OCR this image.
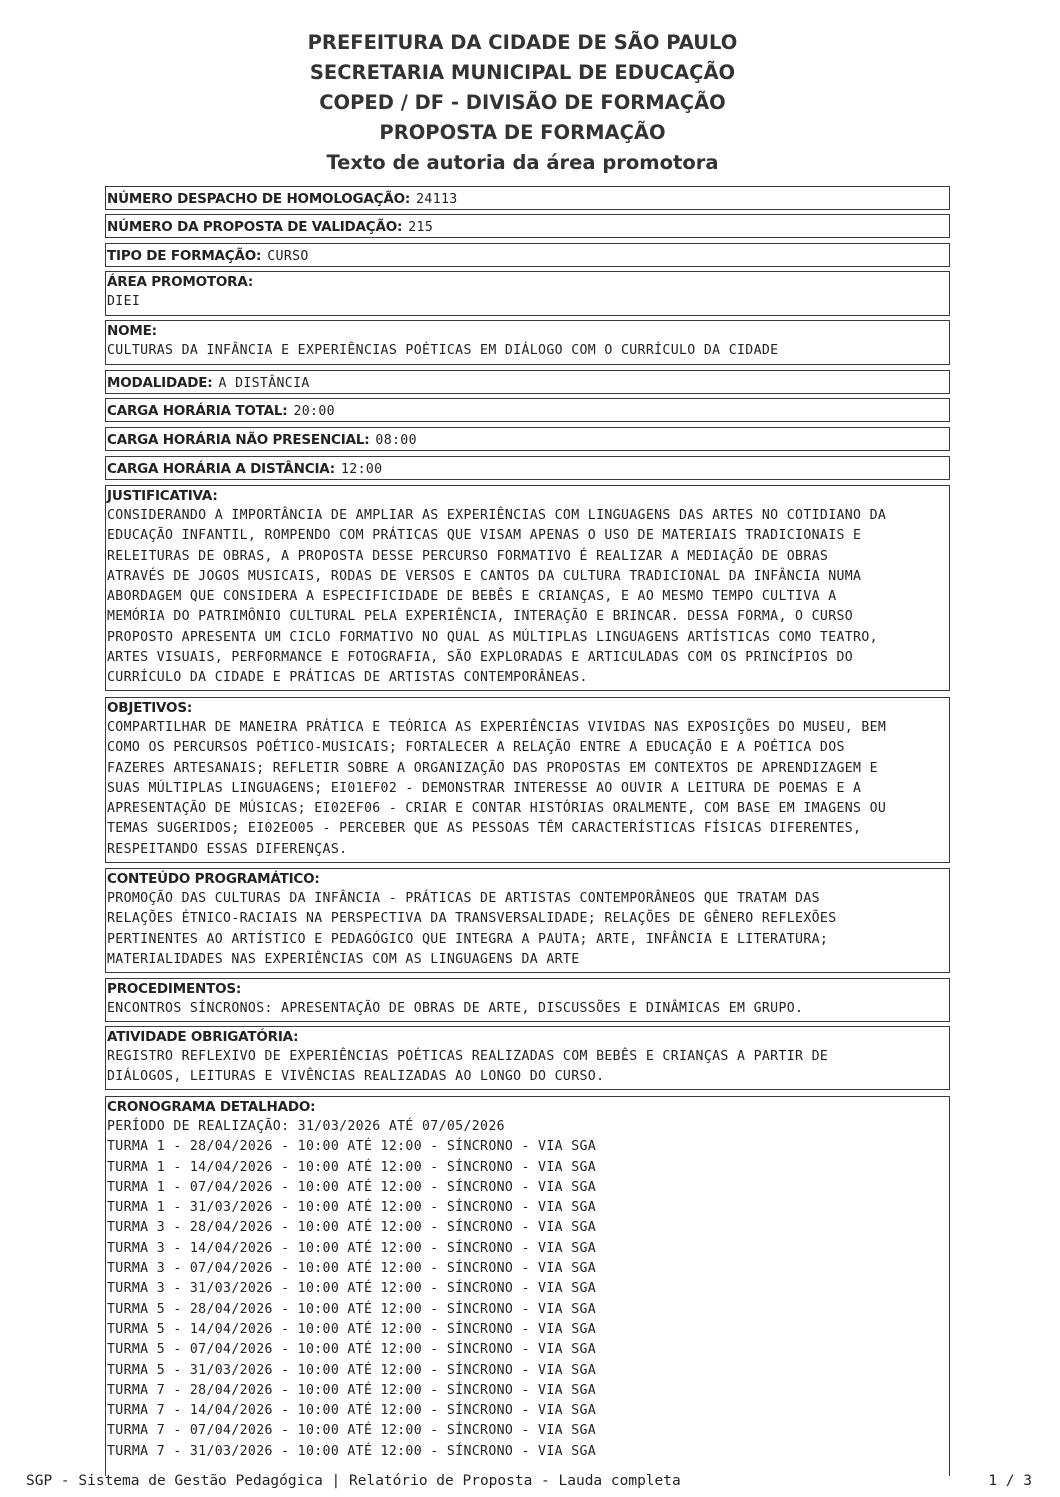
PREFEITURA DA CIDADE DE SÃO PAULO
SECRETARIA MUNICIPAL DE EDUCAÇÃO
COPED / DF - DIVISÃO DE FORMAÇÃO
PROPOSTA DE FORMAÇÃO
Texto de autoria da área promotora
NÚMERO DESPACHO DE HOMOLOGAÇÃO: 24113
NÚMERO DA PROPOSTA DE VALIDAÇÃO: 215
TIPO DE FORMAÇÃO: CURSO
ÁREA PROMOTORA:
DIEI
NOME:
CULTURAS DA INFÂNCIA E EXPERIÊNCIAS POÉTICAS EM DIÁLOGO COM O CURRÍCULO DA CIDADE
MODALIDADE: A DISTÂNCIA
CARGA HORÁRIA TOTAL: 20:00
CARGA HORÁRIA NÃO PRESENCIAL: 08:00
CARGA HORÁRIA A DISTÂNCIA: 12:00
JUSTIFICATIVA:
CONSIDERANDO A IMPORTÂNCIA DE AMPLIAR AS EXPERIÊNCIAS COM LINGUAGENS DAS ARTES NO COTIDIANO DA
EDUCAÇÃO INFANTIL, ROMPENDO COM PRÁTICAS QUE VISAM APENAS O USO DE MATERIAIS TRADICIONAIS E
RELEITURAS DE OBRAS, A PROPOSTA DESSE PERCURSO FORMATIVO É REALIZAR A MEDIAÇÃO DE OBRAS
ATRAVÉS DE JOGOS MUSICAIS, RODAS DE VERSOS E CANTOS DA CULTURA TRADICIONAL DA INFÂNCIA NUMA
ABORDAGEM QUE CONSIDERA A ESPECIFICIDADE DE BEBÊS E CRIANÇAS, E AO MESMO TEMPO CULTIVA A
MEMÓRIA DO PATRIMÔNIO CULTURAL PELA EXPERIÊNCIA, INTERAÇÃO E BRINCAR. DESSA FORMA, O CURSO
PROPOSTO APRESENTA UM CICLO FORMATIVO NO QUAL AS MÚLTIPLAS LINGUAGENS ARTÍSTICAS COMO TEATRO,
ARTES VISUAIS, PERFORMANCE E FOTOGRAFIA, SÃO EXPLORADAS E ARTICULADAS COM OS PRINCÍPIOS DO
CURRÍCULO DA CIDADE E PRÁTICAS DE ARTISTAS CONTEMPORÂNEAS.
OBJETIVOS:
COMPARTILHAR DE MANEIRA PRÁTICA E TEÓRICA AS EXPERIÊNCIAS VIVIDAS NAS EXPOSIÇÕES DO MUSEU, BEM
COMO OS PERCURSOS POÉTICO-MUSICAIS; FORTALECER A RELAÇÃO ENTRE A EDUCAÇÃO E A POÉTICA DOS
FAZERES ARTESANAIS; REFLETIR SOBRE A ORGANIZAÇÃO DAS PROPOSTAS EM CONTEXTOS DE APRENDIZAGEM E
SUAS MÚLTIPLAS LINGUAGENS; EI01EF02 - DEMONSTRAR INTERESSE AO OUVIR A LEITURA DE POEMAS E A
APRESENTAÇÃO DE MÚSICAS; EI02EF06 - CRIAR E CONTAR HISTÓRIAS ORALMENTE, COM BASE EM IMAGENS OU
TEMAS SUGERIDOS; EI02EO05 - PERCEBER QUE AS PESSOAS TÊM CARACTERÍSTICAS FÍSICAS DIFERENTES,
RESPEITANDO ESSAS DIFERENÇAS.
CONTEÚDO PROGRAMÁTICO:
PROMOÇÃO DAS CULTURAS DA INFÂNCIA - PRÁTICAS DE ARTISTAS CONTEMPORÂNEOS QUE TRATAM DAS
RELAÇÕES ÉTNICO-RACIAIS NA PERSPECTIVA DA TRANSVERSALIDADE; RELAÇÕES DE GÊNERO REFLEXÕES
PERTINENTES AO ARTÍSTICO E PEDAGÓGICO QUE INTEGRA A PAUTA; ARTE, INFÂNCIA E LITERATURA;
MATERIALIDADES NAS EXPERIÊNCIAS COM AS LINGUAGENS DA ARTE
PROCEDIMENTOS:
ENCONTROS SÍNCRONOS: APRESENTAÇÃO DE OBRAS DE ARTE, DISCUSSÕES E DINÂMICAS EM GRUPO.
ATIVIDADE OBRIGATÓRIA:
REGISTRO REFLEXIVO DE EXPERIÊNCIAS POÉTICAS REALIZADAS COM BEBÊS E CRIANÇAS A PARTIR DE
DIÁLOGOS, LEITURAS E VIVÊNCIAS REALIZADAS AO LONGO DO CURSO.
CRONOGRAMA DETALHADO:
PERÍODO DE REALIZAÇÃO: 31/03/2026 ATÉ 07/05/2026
TURMA 1 - 28/04/2026 - 10:00 ATÉ 12:00 - SÍNCRONO - VIA SGA
TURMA 1 - 14/04/2026 - 10:00 ATÉ 12:00 - SÍNCRONO - VIA SGA
TURMA 1 - 07/04/2026 - 10:00 ATÉ 12:00 - SÍNCRONO - VIA SGA
TURMA 1 - 31/03/2026 - 10:00 ATÉ 12:00 - SÍNCRONO - VIA SGA
TURMA 3 - 28/04/2026 - 10:00 ATÉ 12:00 - SÍNCRONO - VIA SGA
TURMA 3 - 14/04/2026 - 10:00 ATÉ 12:00 - SÍNCRONO - VIA SGA
TURMA 3 - 07/04/2026 - 10:00 ATÉ 12:00 - SÍNCRONO - VIA SGA
TURMA 3 - 31/03/2026 - 10:00 ATÉ 12:00 - SÍNCRONO - VIA SGA
TURMA 5 - 28/04/2026 - 10:00 ATÉ 12:00 - SÍNCRONO - VIA SGA
TURMA 5 - 14/04/2026 - 10:00 ATÉ 12:00 - SÍNCRONO - VIA SGA
TURMA 5 - 07/04/2026 - 10:00 ATÉ 12:00 - SÍNCRONO - VIA SGA
TURMA 5 - 31/03/2026 - 10:00 ATÉ 12:00 - SÍNCRONO - VIA SGA
TURMA 7 - 28/04/2026 - 10:00 ATÉ 12:00 - SÍNCRONO - VIA SGA
TURMA 7 - 14/04/2026 - 10:00 ATÉ 12:00 - SÍNCRONO - VIA SGA
TURMA 7 - 07/04/2026 - 10:00 ATÉ 12:00 - SÍNCRONO - VIA SGA
TURMA 7 - 31/03/2026 - 10:00 ATÉ 12:00 - SÍNCRONO - VIA SGA
SGP - Sistema de Gestão Pedagógica | Relatório de Proposta - Lauda completa	1 / 3
